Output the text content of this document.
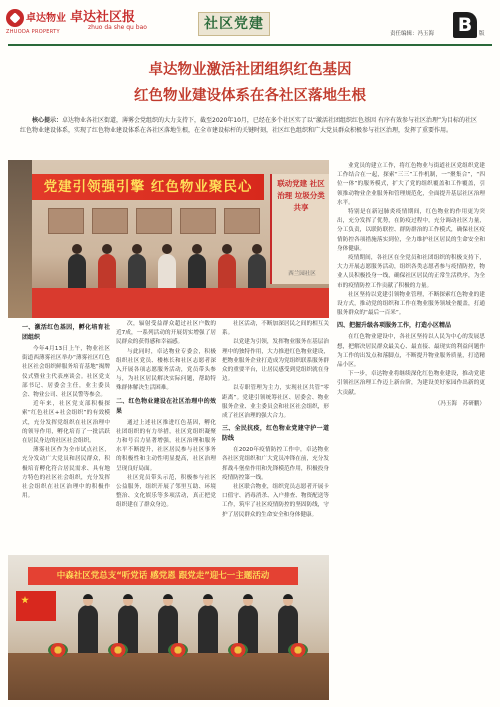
卓达物业
ZHUODA PROPERTY
卓达社区报
zhuo da she qu bao	社区党建
责任编辑：冯玉海 B	版
卓达物业激活社团组织红色基因
红色物业建设体系在各社区落地生根
核心提示：卓达物业各社区街道，薄雾会党组织的大力支持下，截至2020年10月，已经在多个社区实了以“激活社团组织红色基因 有序有效参与社区治理”为目标的社区红色物业建设体系，实现了红色物业建设体系在各社区落地生根，在全市建设标杆的关键时刻，社区红色组织和广大党员群众积极参与社区治理，发挥了重要作用。
党建引领强引擎 红色物业聚民心	联动党建 社区治理 垃圾分类 共享
西兰园社区
一、激活红色基因，孵化培育社团组织

今年4月13日上午，物业社区街道西薄雾社区举办“薄雾社区红色社区社会组织鲜服务培育基地”揭牌仪式暨业主代表座谈会。社区党支部书记、居委会主任，业主委员会、物业公司、社区民警等参会。

近年来，社区党支部积极探索“红色社区+社会组织”的有效模式，充分发挥党组织在社区治理中的领导作用，孵化培育了一批活跃在居民身边的社区社会组织。

薄雾社区作为全市试点社区，充分发动广大党员和居民群众，积极培育孵化符合居民需求、具有地方特色的社区社会组织，充分发挥社会组织在社区治理中的积极作用。

次，辐射受益群众超过社区户数的近7成，一系列活动的开展切实增强了居民群众的获得感和幸福感。

与此同时，卓达物业专委会，积极组织社区党员、楼栋长和社区志愿者深入开展各项志愿服务活动，党员带头参与，为社区居民解决实际问题，帮助特殊群体解决生活困难。

二、红色物业建设在社区治理中的效果

通过上述社区推进红色基因，孵化社团组织的有力举措，社区党组织凝聚力和号召力显著增强，社区治理和服务水平不断提升，社区居民参与社区事务的积极性和主动性明显提高，社区治理呈现良好局面。

社区党员带头示范，积极参与社区公益服务，组织开展了邻里互助、环境整治、文化娱乐等多项活动，真正把党组织建在了群众身边。

社区活动，不断加深居民之间的相互关系。

以党建为引领，发挥物业服务在基层治理中的独特作用，大力推进红色物业建设，把物业服务企业打造成为党组织联系服务群众的重要平台，让居民感受到党组织就在身边。

以专职管理为主力，实现社区共管“零距离”。党建引领统筹社区、居委会、物业服务企业、业主委员会和社区社会组织，形成了社区治理的强大合力。

三、全民抗疫，红色物业党建守护一道防线

在2020年疫情防控工作中，卓达物业各社区党组织和广大党员冲锋在前，充分发挥战斗堡垒作用和先锋模范作用，积极投身疫情防控第一线。

社区联合物业，组织党员志愿者开展卡口值守、消毒消杀、入户排查、物资配送等工作，筑牢了社区疫情防控的坚固防线，守护了居民群众的生命安全和身体健康。

业党员的建立工作，将红色物业与街道社区党组织党建工作结合在一起，探索“三三”工作机制，一“聚集合”，“四位一体”的服务模式，扩大了党的组织覆盖和工作覆盖，引领推动物业企业服务和管理规范化，全面提升基层社区治理水平。

特别是在新冠肺炎疫情期间，红色物业的作用更为突出，充分发挥了优势，在防疫过程中，充分调动社区力量，分工负责，以联防联控、群防群治的工作模式，确保社区疫情防控各项措施落实到位，全力维护社区居民的生命安全和身体健康。

疫情期间，各社区在全党员和社团组织的积极支持下，大力开展志愿服务活动，组织各类志愿者参与疫情防控，物业人员积极投身一线，确保社区居民的正常生活秩序，为全市的疫情防控工作贡献了积极的力量。

社区坚持以党建引领物业管理，不断探索红色物业的建设方式，推动党的组织和工作在物业服务领域全覆盖，打通服务群众的“最后一百米”。

四、把握升级各项服务工作，打造小区精品

在红色物业建设中，各社区坚持以人民为中心的发展思想，把解决居民群众最关心、最直接、最现实的利益问题作为工作的出发点和落脚点，不断提升物业服务质量，打造精品小区。

下一步，卓达物业将继续深化红色物业建设，推动党建引领社区治理工作迈上新台阶，为建设美好家园作出新的更大贡献。

（冯玉海　苏研鹏）

中森社区党总支“听党话 感党恩 跟党走”迎七一主题活动
